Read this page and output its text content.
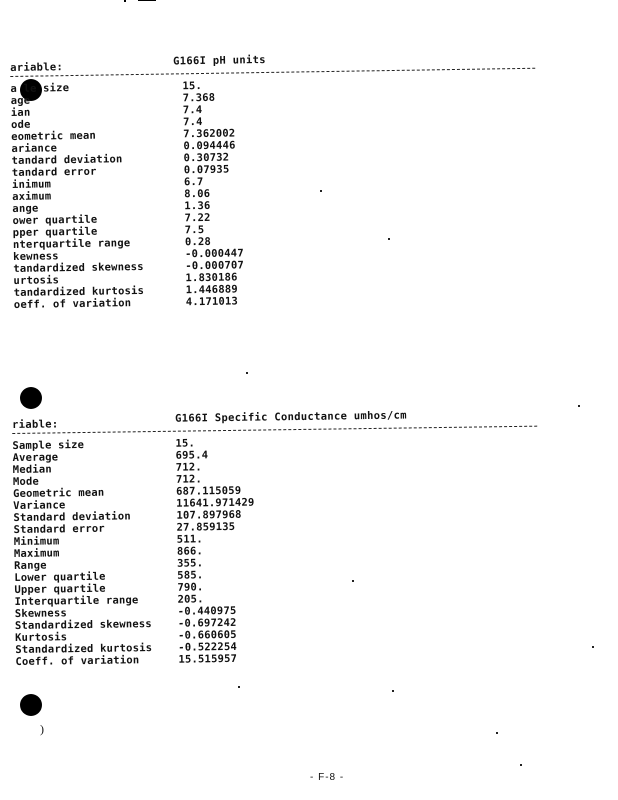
ariable:
G166I pH units
a le size	15.
age	7.368
ian	7.4
ode	7.4
eometric mean	7.362002
ariance	0.094446
tandard deviation	0.30732
tandard error	0.07935
inimum	6.7
aximum	8.06
ange	1.36
ower quartile	7.22
pper quartile	7.5
nterquartile range	0.28
kewness	-0.000447
tandardized skewness	-0.000707
urtosis	1.830186
tandardized kurtosis	1.446889
oeff. of variation	4.171013
riable:	G166I Specific Conductance umhos/cm
Sample size	15.
Average	695.4
Median	712.
Mode	712.
Geometric mean	687.115059
Variance	11641.971429
Standard deviation	107.897968
Standard error	27.859135
Minimum	511.
Maximum	866.
Range	355.
Lower quartile	585.
Upper quartile	790.
Interquartile range	205.
Skewness	-0.440975
Standardized skewness -0.697242
Kurtosis	-0.660605
Standardized kurtosis -0.522254
Coeff. of variation	15.515957
)
- F-8 -
